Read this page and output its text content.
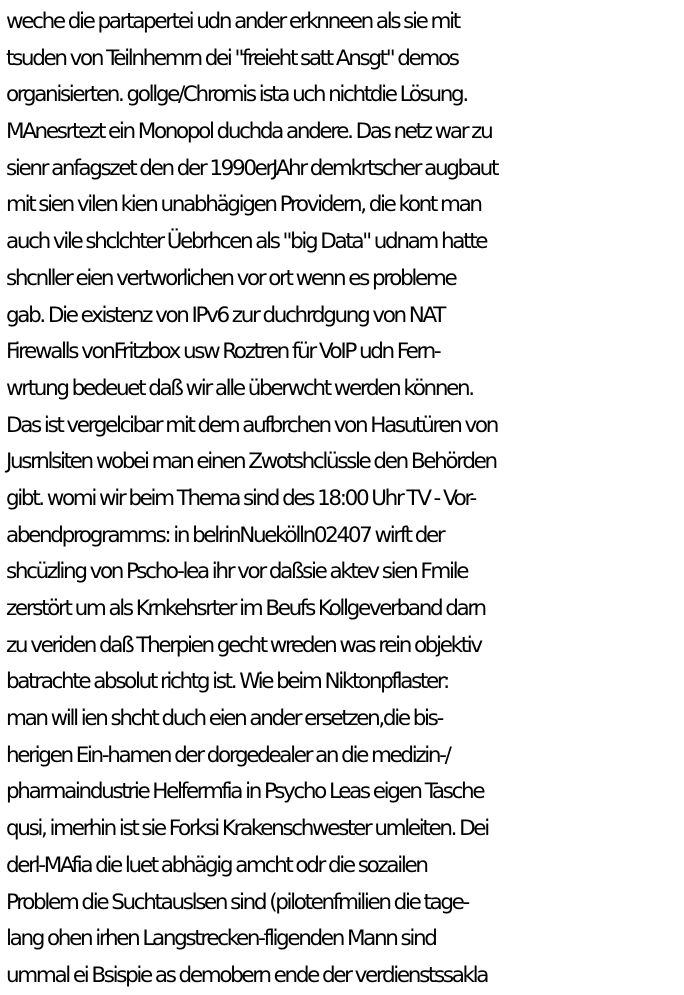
weche die partapertei udn ander erknneen als sie mit
tsuden von Teilnhemrn dei "freieht satt Ansgt" demos
organisierten. gollge/Chromis ista uch nichtdie Lösung.
MAnesrtezt ein Monopol duchda andere. Das netz war zu
sienr anfagszet den der 1990erJAhr demkrtscher augbaut
mit sien vilen kien unabhägigen Providern, die kont man
auch vile shclchter Üebrhcen als "big Data" udnam hatte
shcnller eien vertworlichen vor ort wenn es probleme
gab. Die existenz von IPv6 zur duchrdgung von NAT
Firewalls vonFritzbox usw Roztren für VoIP udn Fern-
wrtung bedeuet daß wir alle überwcht werden können.
Das ist vergelcibar mit dem aufbrchen von Hasutüren von
Jusrnlsiten wobei man einen Zwotshclüssle den Behörden
gibt. womi wir beim Thema sind des 18:00 Uhr TV - Vor-
abendprogramms: in belrinNuekölln02407 wirft der
shcüzling von Pscho-lea ihr vor daßsie aktev sien Fmile
zerstört um als Krnkehsrter im Beufs Kollgeverband darn
zu veriden daß Therpien gecht wreden was rein objektiv
batrachte absolut richtg ist. Wie beim Niktonpflaster:
man will ien shcht duch eien ander ersetzen,die bis-
herigen Ein-hamen der dorgedealer an die medizin-/
pharmaindustrie Helfermfia in Psycho Leas eigen Tasche
qusi, imerhin ist sie Forksi Krakenschwester umleiten. Dei
derl-MAfia die luet abhägig amcht odr die sozailen
Problem die Suchtauslsen sind (pilotenfmilien die tage-
lang ohen irhen Langstrecken-fligenden Mann sind
ummal ei Bsispie as demobern ende der verdienstssakla
